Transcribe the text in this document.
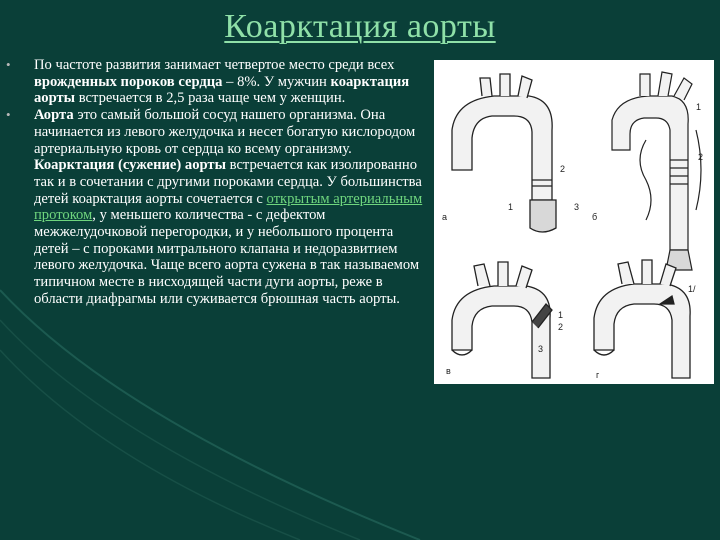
Коарктация аорты
•	По частоте развития занимает четвертое место среди всех врожденных пороков сердца – 8%. У мужчин коарктация аорты встречается в 2,5 раза чаще чем у женщин.
•	Аорта это самый большой сосуд нашего организма. Она начинается из левого желудочка и несет богатую кислородом артериальную кровь от сердца ко всему организму. Коарктация (сужение) аорты встречается как изолированно так и в сочетании с другими пороками сердца. У большинства детей коарктация аорты сочетается с открытым артериальным протоком, у меньшего количества - с дефектом межжелудочковой перегородки, и у небольшого процента детей – с пороками митрального клапана и недоразвитием левого желудочка. Чаще всего аорта сужена в так называемом типичном месте в нисходящей части дуги аорты, реже в области диафрагмы или суживается брюшная часть аорты.
а	б
в	г
1
2
3
1
2
1
2
3
1/
